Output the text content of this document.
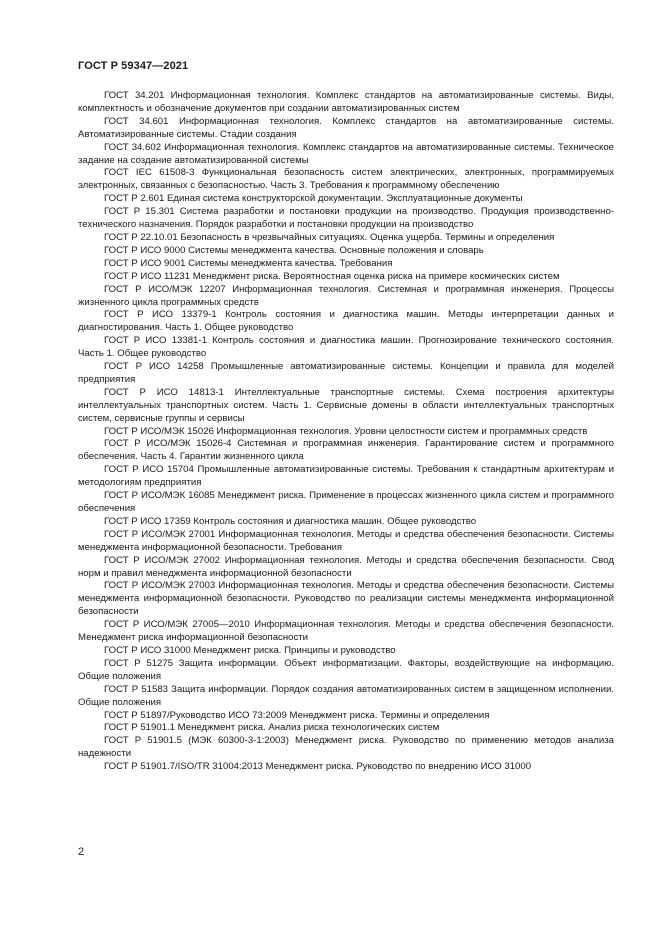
ГОСТ Р 59347—2021

ГОСТ 34.201 Информационная технология. Комплекс стандартов на автоматизированные системы. Виды, комплектность и обозначение документов при создании автоматизированных систем

ГОСТ 34.601 Информационная технология. Комплекс стандартов на автоматизированные системы. Автоматизированные системы. Стадии создания

ГОСТ 34.602 Информационная технология. Комплекс стандартов на автоматизированные системы. Техническое задание на создание автоматизированной системы

ГОСТ IEC 61508-3 Функциональная безопасность систем электрических, электронных, программируемых электронных, связанных с безопасностью. Часть 3. Требования к программному обеспечению

ГОСТ Р 2.601 Единая система конструкторской документации. Эксплуатационные документы

ГОСТ Р 15.301 Система разработки и постановки продукции на производство. Продукция производственно-технического назначения. Порядок разработки и постановки продукции на производство

ГОСТ Р 22.10.01 Безопасность в чрезвычайных ситуациях. Оценка ущерба. Термины и определения

ГОСТ Р ИСО 9000 Системы менеджмента качества. Основные положения и словарь

ГОСТ Р ИСО 9001 Системы менеджмента качества. Требования

ГОСТ Р ИСО 11231 Менеджмент риска. Вероятностная оценка риска на примере космических систем

ГОСТ Р ИСО/МЭК 12207 Информационная технология. Системная и программная инженерия. Процессы жизненного цикла программных средств

ГОСТ Р ИСО 13379-1 Контроль состояния и диагностика машин. Методы интерпретации данных и диагностирования. Часть 1. Общее руководство

ГОСТ Р ИСО 13381-1 Контроль состояния и диагностика машин. Прогнозирование технического состояния. Часть 1. Общее руководство

ГОСТ Р ИСО 14258 Промышленные автоматизированные системы. Концепции и правила для моделей предприятия

ГОСТ Р ИСО 14813-1 Интеллектуальные транспортные системы. Схема построения архитектуры интеллектуальных транспортных систем. Часть 1. Сервисные домены в области интеллектуальных транспортных систем, сервисные группы и сервисы

ГОСТ Р ИСО/МЭК 15026 Информационная технология. Уровни целостности систем и программных средств

ГОСТ Р ИСО/МЭК 15026-4 Системная и программная инженерия. Гарантирование систем и программного обеспечения. Часть 4. Гарантии жизненного цикла

ГОСТ Р ИСО 15704 Промышленные автоматизированные системы. Требования к стандартным архитектурам и методологиям предприятия

ГОСТ Р ИСО/МЭК 16085 Менеджмент риска. Применение в процессах жизненного цикла систем и программного обеспечения

ГОСТ Р ИСО 17359 Контроль состояния и диагностика машин. Общее руководство

ГОСТ Р ИСО/МЭК 27001 Информационная технология. Методы и средства обеспечения безопасности. Системы менеджмента информационной безопасности. Требования

ГОСТ Р ИСО/МЭК 27002 Информационная технология. Методы и средства обеспечения безопасности. Свод норм и правил менеджмента информационной безопасности

ГОСТ Р ИСО/МЭК 27003 Информационная технология. Методы и средства обеспечения безопасности. Системы менеджмента информационной безопасности. Руководство по реализации системы менеджмента информационной безопасности

ГОСТ Р ИСО/МЭК 27005—2010 Информационная технология. Методы и средства обеспечения безопасности. Менеджмент риска информационной безопасности

ГОСТ Р ИСО 31000 Менеджмент риска. Принципы и руководство

ГОСТ Р 51275 Защита информации. Объект информатизации. Факторы, воздействующие на информацию. Общие положения

ГОСТ Р 51583 Защита информации. Порядок создания автоматизированных систем в защищенном исполнении. Общие положения

ГОСТ Р 51897/Руководство ИСО 73:2009 Менеджмент риска. Термины и определения

ГОСТ Р 51901.1 Менеджмент риска. Анализ риска технологических систем

ГОСТ Р 51901.5 (МЭК 60300-3-1:2003) Менеджмент риска. Руководство по применению методов анализа надежности

ГОСТ Р 51901.7/ISO/TR 31004:2013 Менеджмент риска. Руководство по внедрению ИСО 31000

2
